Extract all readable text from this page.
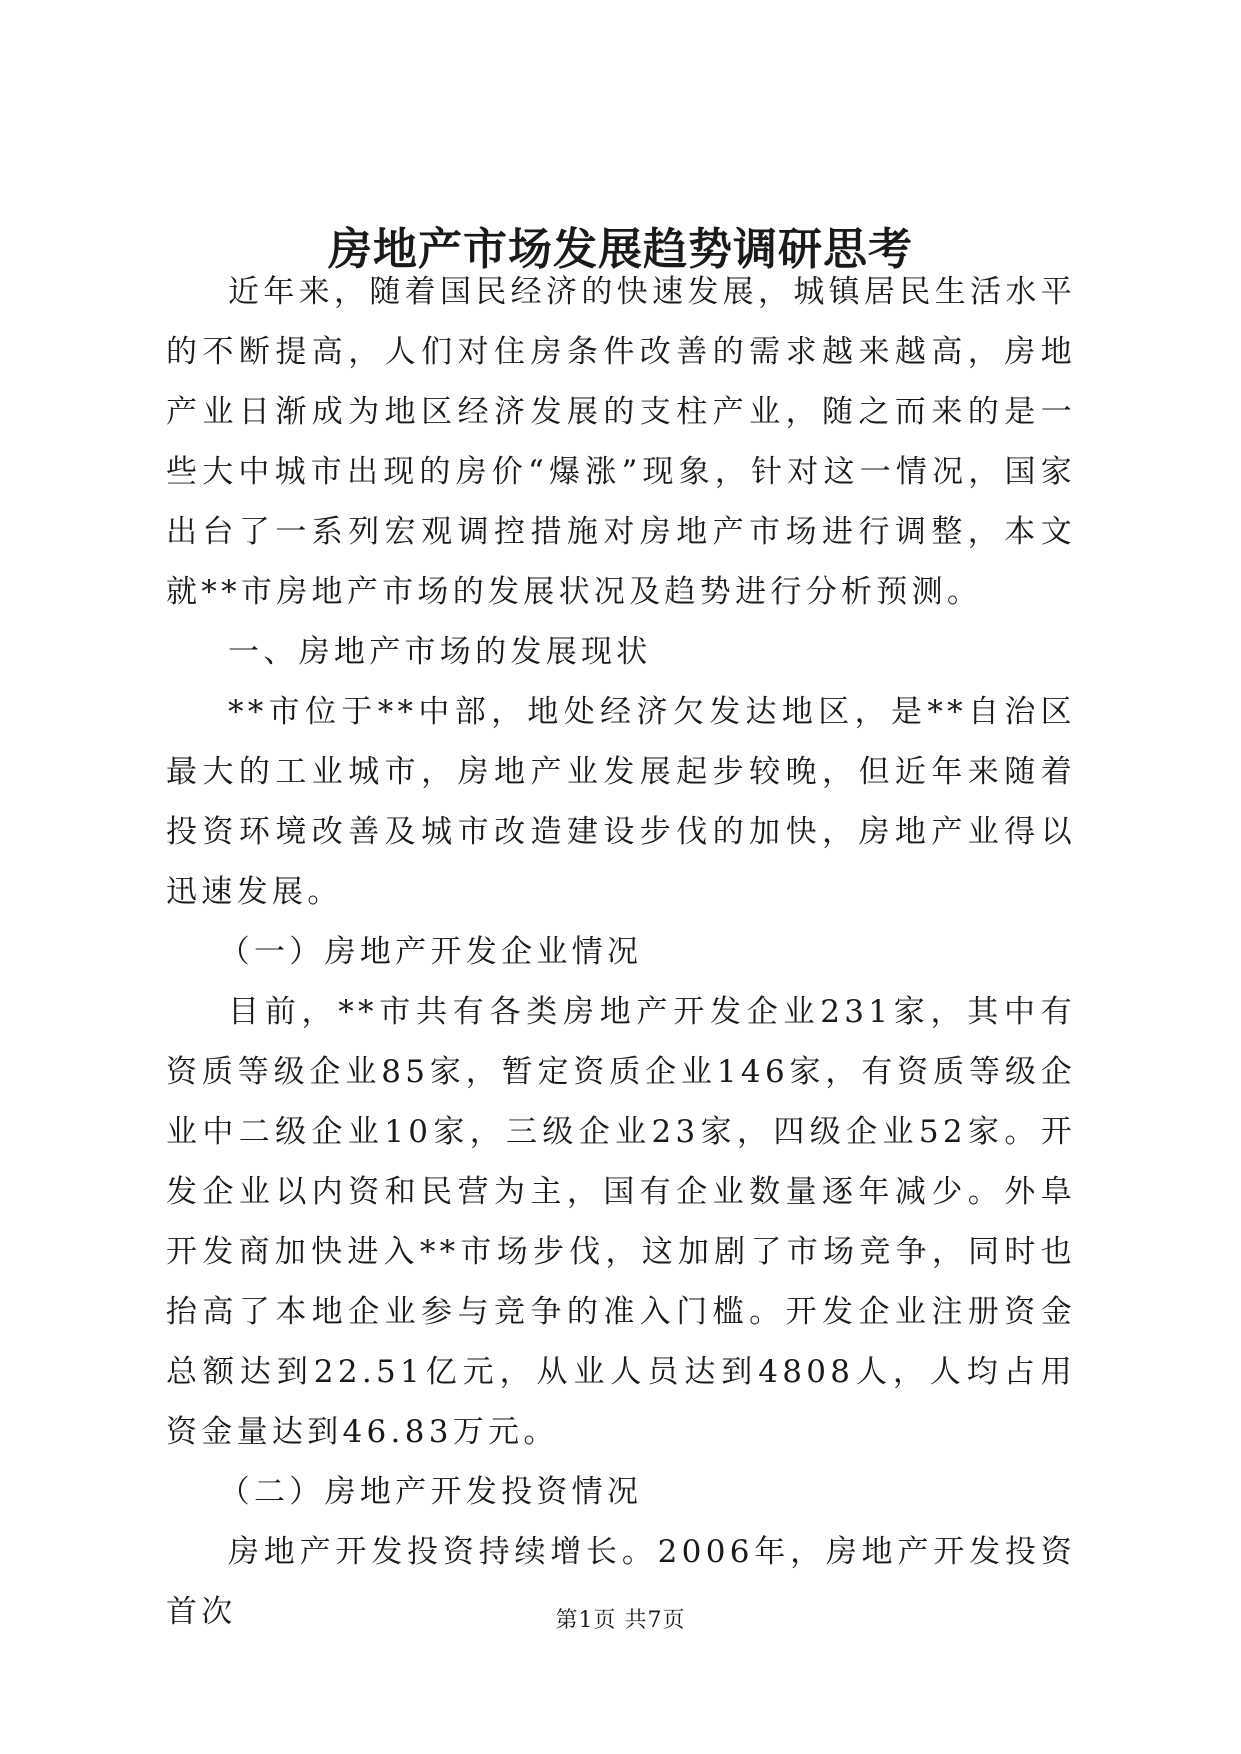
房地产市场发展趋势调研思考

近年来，随着国民经济的快速发展，城镇居民生活水平的不断提高，人们对住房条件改善的需求越来越高，房地产业日渐成为地区经济发展的支柱产业，随之而来的是一些大中城市出现的房价“爆涨”现象，针对这一情况，国家出台了一系列宏观调控措施对房地产市场进行调整，本文就**市房地产市场的发展状况及趋势进行分析预测。

一、房地产市场的发展现状

**市位于**中部，地处经济欠发达地区，是**自治区最大的工业城市，房地产业发展起步较晚，但近年来随着投资环境改善及城市改造建设步伐的加快，房地产业得以迅速发展。

（一）房地产开发企业情况

目前，**市共有各类房地产开发企业231家，其中有资质等级企业85家，暂定资质企业146家，有资质等级企业中二级企业10家，三级企业23家，四级企业52家。开发企业以内资和民营为主，国有企业数量逐年减少。外阜开发商加快进入**市场步伐，这加剧了市场竞争，同时也抬高了本地企业参与竞争的准入门槛。开发企业注册资金总额达到22.51亿元，从业人员达到4808人，人均占用资金量达到46.83万元。

（二）房地产开发投资情况

房地产开发投资持续增长。2006年，房地产开发投资首次	第1页 共7页
